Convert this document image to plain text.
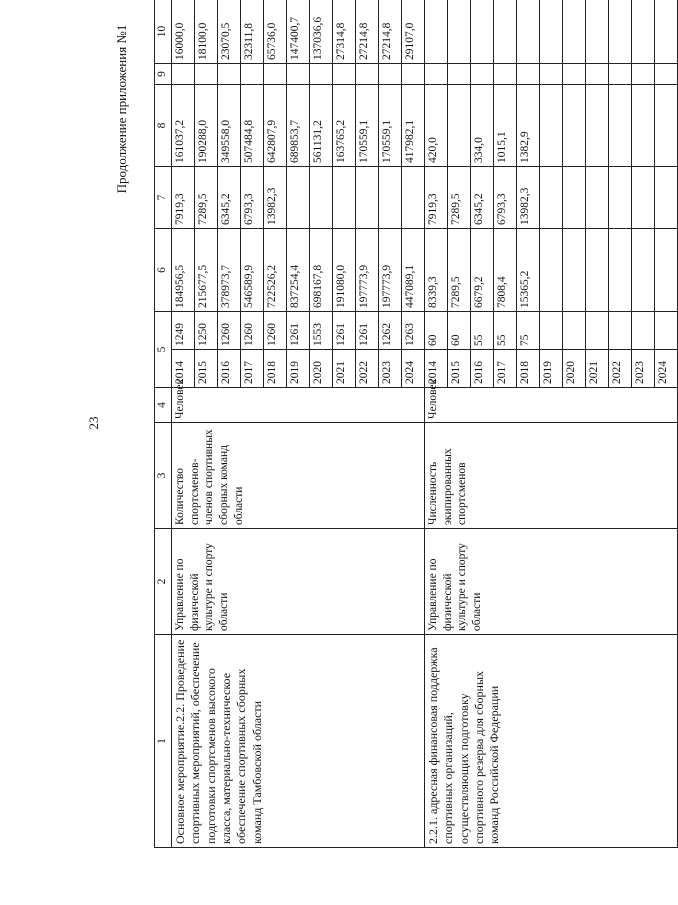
23
Продолжение приложения №1
1	2	3	4	5		6	7	8	9	10
Основное мероприятие.2.2. Проведение спортивных мероприятий, обеспечение подготовки спортсменов высокого класса, материально-техническое обеспечение спортивных сборных команд Тамбовской области	Управление по физической культуре и спорту области	Количество спортсменов-членов спортивных сборных команд области	Человек	2014	1249	184956,5	7919,3	161037,2		16000,0
				2015	1250	215677,5	7289,5	190288,0		18100,0
				2016	1260	378973,7	6345,2	349558,0		23070,5
				2017	1260	546589,9	6793,3	507484,8		32311,8
				2018	1260	722526,2	13982,3	642807,9		65736,0
				2019	1261	837254,4		689853,7		147400,7
				2020	1553	698167,8		561131,2		137036,6
				2021	1261	191080,0		163765,2		27314,8
				2022	1261	197773,9		170559,1		27214,8
				2023	1262	197773,9		170559,1		27214,8
				2024	1263	447089,1		417982,1		29107,0
2.2.1. адресная финансовая поддержка спортивных организаций, осуществляющих подготовку спортивного резерва для сборных команд Российской Федерации	Управление по физической культуре и спорту области	Численность экипированных спортсменов	Человек	2014	60	8339,3	7919,3	420,0		
				2015	60	7289,5	7289,5			
				2016	55	6679,2	6345,2	334,0		
				2017	55	7808,4	6793,3	1015,1		
				2018	75	15365,2	13982,3	1382,9		
				2019						
				2020						
				2021						
				2022						
				2023						
				2024						
